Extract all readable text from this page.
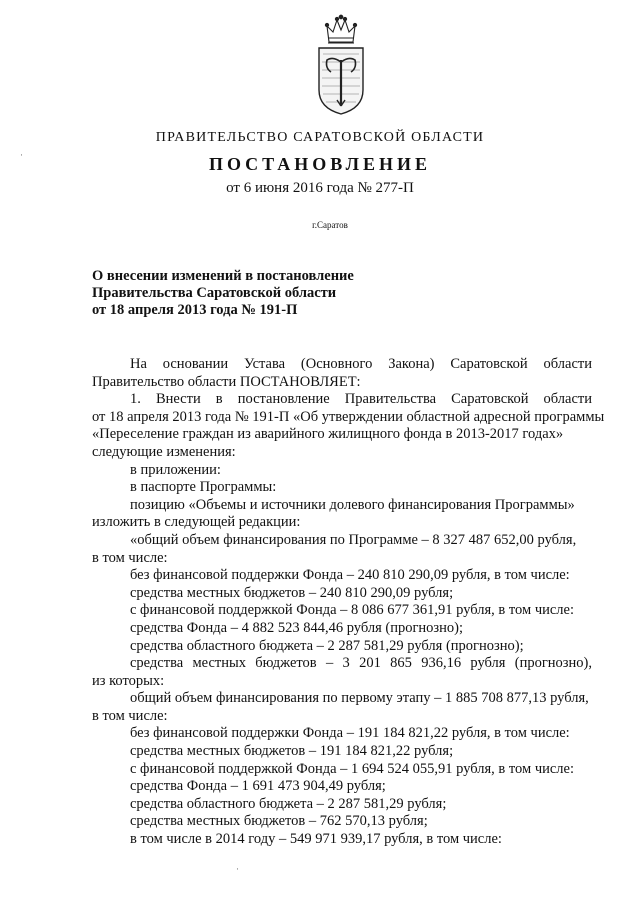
ПРАВИТЕЛЬСТВО САРАТОВСКОЙ ОБЛАСТИ
ПОСТАНОВЛЕНИЕ
от 6 июня 2016 года № 277-П
г.Саратов
О внесении изменений в постановление
Правительства Саратовской области
от 18 апреля 2013 года № 191-П
На основании Устава (Основного Закона) Саратовской области
Правительство области ПОСТАНОВЛЯЕТ:
1. Внести в постановление Правительства Саратовской области
от 18 апреля 2013 года № 191-П «Об утверждении областной адресной программы
«Переселение граждан из аварийного жилищного фонда в 2013-2017 годах»
следующие изменения:
в приложении:
в паспорте Программы:
позицию «Объемы и источники долевого финансирования Программы»
изложить в следующей редакции:
«общий объем финансирования по Программе – 8 327 487 652,00 рубля,
в том числе:
без финансовой поддержки Фонда – 240 810 290,09 рубля, в том числе:
средства местных бюджетов – 240 810 290,09 рубля;
с финансовой поддержкой Фонда – 8 086 677 361,91 рубля, в том числе:
средства Фонда – 4 882 523 844,46 рубля (прогнозно);
средства областного бюджета – 2 287 581,29 рубля (прогнозно);
средства местных бюджетов – 3 201 865 936,16 рубля (прогнозно),
из которых:
общий объем финансирования по первому этапу – 1 885 708 877,13 рубля,
в том числе:
без финансовой поддержки Фонда – 191 184 821,22 рубля, в том числе:
средства местных бюджетов – 191 184 821,22 рубля;
с финансовой поддержкой Фонда – 1 694 524 055,91 рубля, в том числе:
средства Фонда – 1 691 473 904,49 рубля;
средства областного бюджета – 2 287 581,29 рубля;
средства местных бюджетов – 762 570,13 рубля;
в том числе в 2014 году – 549 971 939,17 рубля, в том числе:
·
·
